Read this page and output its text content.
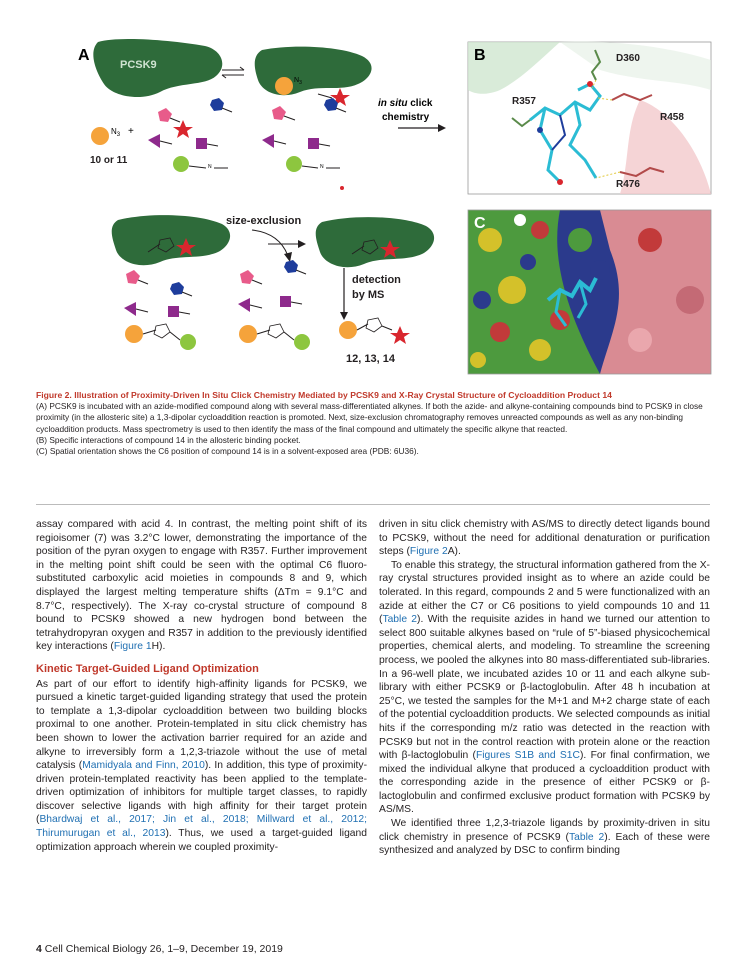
A
PCSK9
$N_3$
$N_3$ +
10 or 11
N	N
in situ click
chemistry
B	D360
R357
R458
R476
size-exclusion
detection
by MS
12, 13, 14
C

Figure 2. Illustration of Proximity-Driven In Situ Click Chemistry Mediated by PCSK9 and X-Ray Crystal Structure of Cycloaddition Product 14

(A) PCSK9 is incubated with an azide-modified compound along with several mass-differentiated alkynes. If both the azide- and alkyne-containing compounds bind to PCSK9 in close proximity (in the allosteric site) a 1,3-dipolar cycloaddition reaction is promoted. Next, size-exclusion chromatography removes unreacted compounds as well as any non-binding cycloaddition products. Mass spectrometry is used to then identify the mass of the final compound and ultimately the specific alkyne that reacted.

(B) Specific interactions of compound 14 in the allosteric binding pocket.

(C) Spatial orientation shows the C6 position of compound 14 is in a solvent-exposed area (PDB: 6U36).

assay compared with acid 4. In contrast, the melting point shift of its regioisomer (7) was 3.2°C lower, demonstrating the importance of the position of the pyran oxygen to engage with R357. Further improvement in the melting point shift could be seen with the optimal C6 fluoro-substituted carboxylic acid moieties in compounds 8 and 9, which displayed the largest melting temperature shifts (ΔTm = 9.1°C and 8.7°C, respectively). The X-ray co-crystal structure of compound 8 bound to PCSK9 showed a new hydrogen bond between the tetrahydropyran oxygen and R357 in addition to the previously identified key interactions (Figure 1H).

Kinetic Target-Guided Ligand Optimization

As part of our effort to identify high-affinity ligands for PCSK9, we pursued a kinetic target-guided liganding strategy that used the protein to template a 1,3-dipolar cycloaddition between two building blocks proximal to one another. Protein-templated in situ click chemistry has been shown to lower the activation barrier required for an azide and alkyne to irreversibly form a 1,2,3-triazole without the use of metal catalysis (Mamidyala and Finn, 2010). In addition, this type of proximity-driven protein-templated reactivity has been applied to the template-driven optimization of inhibitors for multiple target classes, to rapidly discover selective ligands with high affinity for their target protein (Bhardwaj et al., 2017; Jin et al., 2018; Millward et al., 2012; Thirumurugan et al., 2013). Thus, we used a target-guided ligand optimization approach wherein we coupled proximity-

driven in situ click chemistry with AS/MS to directly detect ligands bound to PCSK9, without the need for additional denaturation or purification steps (Figure 2A).

To enable this strategy, the structural information gathered from the X-ray crystal structures provided insight as to where an azide could be tolerated. In this regard, compounds 2 and 5 were functionalized with an azide at either the C7 or C6 positions to yield compounds 10 and 11 (Table 2). With the requisite azides in hand we turned our attention to select 800 suitable alkynes based on “rule of 5”-biased physicochemical properties, chemical alerts, and modeling. To streamline the screening process, we pooled the alkynes into 80 mass-differentiated sub-libraries. In a 96-well plate, we incubated azides 10 or 11 and each alkyne sub-library with either PCSK9 or β-lactoglobulin. After 48 h incubation at 25°C, we tested the samples for the M+1 and M+2 charge state of each of the potential cycloaddition products. We selected compounds as initial hits if the corresponding m/z ratio was detected in the reaction with PCSK9 but not in the control reaction with protein alone or the reaction with β-lactoglobulin (Figures S1B and S1C). For final confirmation, we mixed the individual alkyne that produced a cycloaddition product with the corresponding azide in the presence of either PCSK9 or β-lactoglobulin and confirmed exclusive product formation with PCSK9 by AS/MS.

We identified three 1,2,3-triazole ligands by proximity-driven in situ click chemistry in presence of PCSK9 (Table 2). Each of these were synthesized and analyzed by DSC to confirm binding

4 Cell Chemical Biology 26, 1–9, December 19, 2019
